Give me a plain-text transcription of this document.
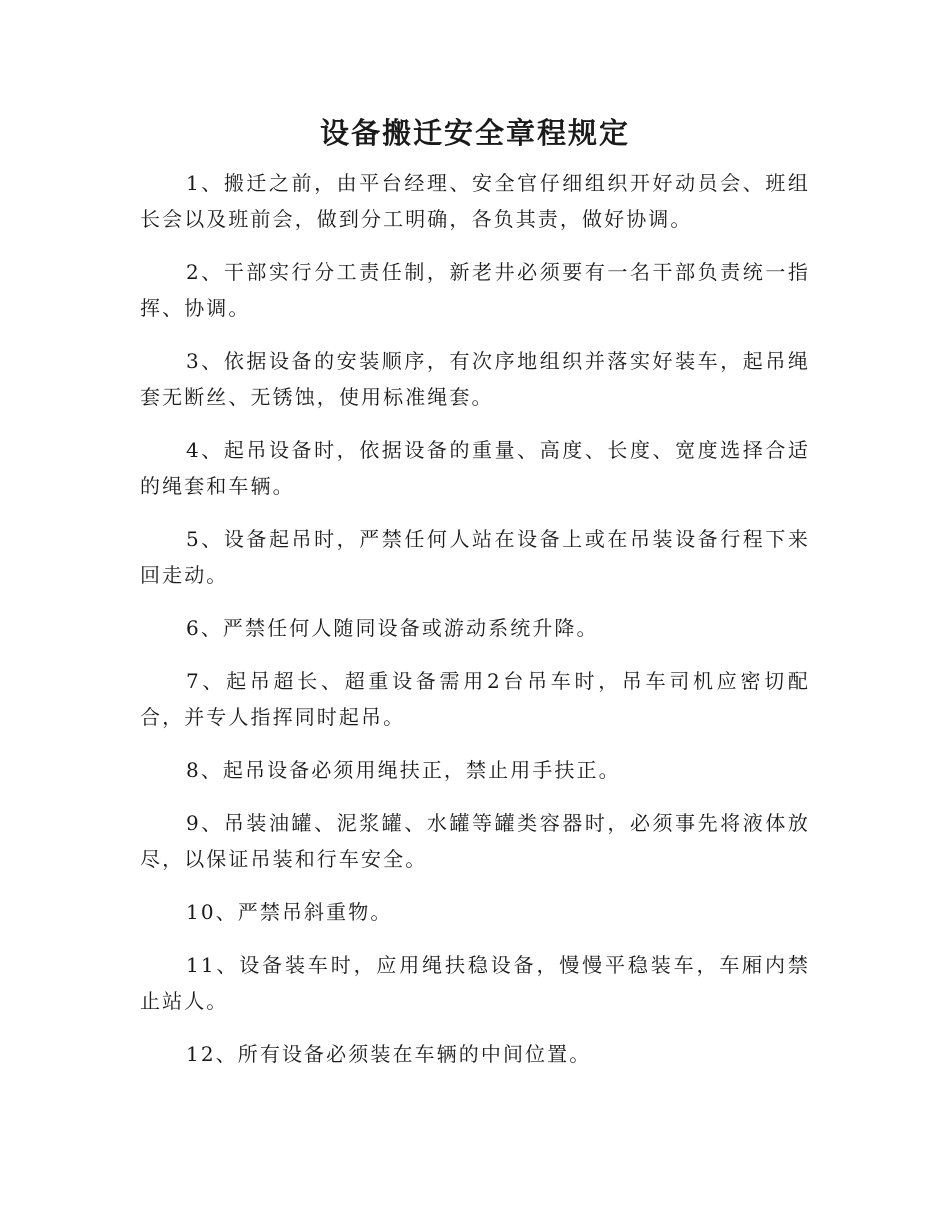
设备搬迁安全章程规定

1、搬迁之前，由平台经理、安全官仔细组织开好动员会、班组长会以及班前会，做到分工明确，各负其责，做好协调。

2、干部实行分工责任制，新老井必须要有一名干部负责统一指挥、协调。

3、依据设备的安装顺序，有次序地组织并落实好装车，起吊绳套无断丝、无锈蚀，使用标准绳套。

4、起吊设备时，依据设备的重量、高度、长度、宽度选择合适的绳套和车辆。

5、设备起吊时，严禁任何人站在设备上或在吊装设备行程下来回走动。

6、严禁任何人随同设备或游动系统升降。

7、起吊超长、超重设备需用2台吊车时，吊车司机应密切配合，并专人指挥同时起吊。

8、起吊设备必须用绳扶正，禁止用手扶正。

9、吊装油罐、泥浆罐、水罐等罐类容器时，必须事先将液体放尽，以保证吊装和行车安全。

10、严禁吊斜重物。

11、设备装车时，应用绳扶稳设备，慢慢平稳装车，车厢内禁止站人。

12、所有设备必须装在车辆的中间位置。
